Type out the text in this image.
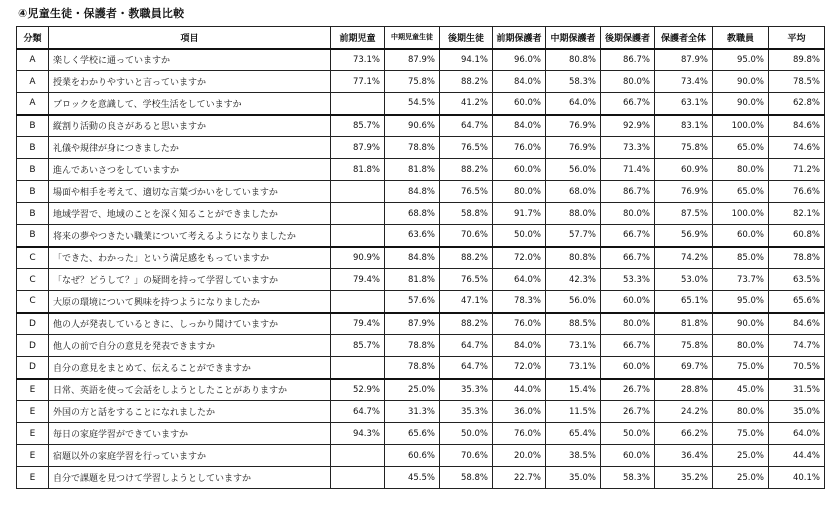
④児童生徒・保護者・教職員比較
分類	項目	前期児童	中期児童生徒	後期生徒	前期保護者	中期保護者	後期保護者	保護者全体	教職員	平均
A	楽しく学校に通っていますか	73.1%	87.9%	94.1%	96.0%	80.8%	86.7%	87.9%	95.0%	89.8%
A	授業をわかりやすいと言っていますか	77.1%	75.8%	88.2%	84.0%	58.3%	80.0%	73.4%	90.0%	78.5%
A	ブロックを意識して、学校生活をしていますか		54.5%	41.2%	60.0%	64.0%	66.7%	63.1%	90.0%	62.8%
B	縦割り活動の良さがあると思いますか	85.7%	90.6%	64.7%	84.0%	76.9%	92.9%	83.1%	100.0%	84.6%
B	礼儀や規律が身につきましたか	87.9%	78.8%	76.5%	76.0%	76.9%	73.3%	75.8%	65.0%	74.6%
B	進んであいさつをしていますか	81.8%	81.8%	88.2%	60.0%	56.0%	71.4%	60.9%	80.0%	71.2%
B	場面や相手を考えて、適切な言葉づかいをしていますか		84.8%	76.5%	80.0%	68.0%	86.7%	76.9%	65.0%	76.6%
B	地域学習で、地域のことを深く知ることができましたか		68.8%	58.8%	91.7%	88.0%	80.0%	87.5%	100.0%	82.1%
B	将来の夢やつきたい職業について考えるようになりましたか		63.6%	70.6%	50.0%	57.7%	66.7%	56.9%	60.0%	60.8%
C	「できた、わかった」という満足感をもっていますか	90.9%	84.8%	88.2%	72.0%	80.8%	66.7%	74.2%	85.0%	78.8%
C	「なぜ？どうして？」の疑問を持って学習していますか	79.4%	81.8%	76.5%	64.0%	42.3%	53.3%	53.0%	73.7%	63.5%
C	大原の環境について興味を持つようになりましたか		57.6%	47.1%	78.3%	56.0%	60.0%	65.1%	95.0%	65.6%
D	他の人が発表しているときに、しっかり聞けていますか	79.4%	87.9%	88.2%	76.0%	88.5%	80.0%	81.8%	90.0%	84.6%
D	他人の前で自分の意見を発表できますか	85.7%	78.8%	64.7%	84.0%	73.1%	66.7%	75.8%	80.0%	74.7%
D	自分の意見をまとめて、伝えることができますか		78.8%	64.7%	72.0%	73.1%	60.0%	69.7%	75.0%	70.5%
E	日常、英語を使って会話をしようとしたことがありますか	52.9%	25.0%	35.3%	44.0%	15.4%	26.7%	28.8%	45.0%	31.5%
E	外国の方と話をすることになれましたか	64.7%	31.3%	35.3%	36.0%	11.5%	26.7%	24.2%	80.0%	35.0%
E	毎日の家庭学習ができていますか	94.3%	65.6%	50.0%	76.0%	65.4%	50.0%	66.2%	75.0%	64.0%
E	宿題以外の家庭学習を行っていますか		60.6%	70.6%	20.0%	38.5%	60.0%	36.4%	25.0%	44.4%
E	自分で課題を見つけて学習しようとしていますか		45.5%	58.8%	22.7%	35.0%	58.3%	35.2%	25.0%	40.1%
